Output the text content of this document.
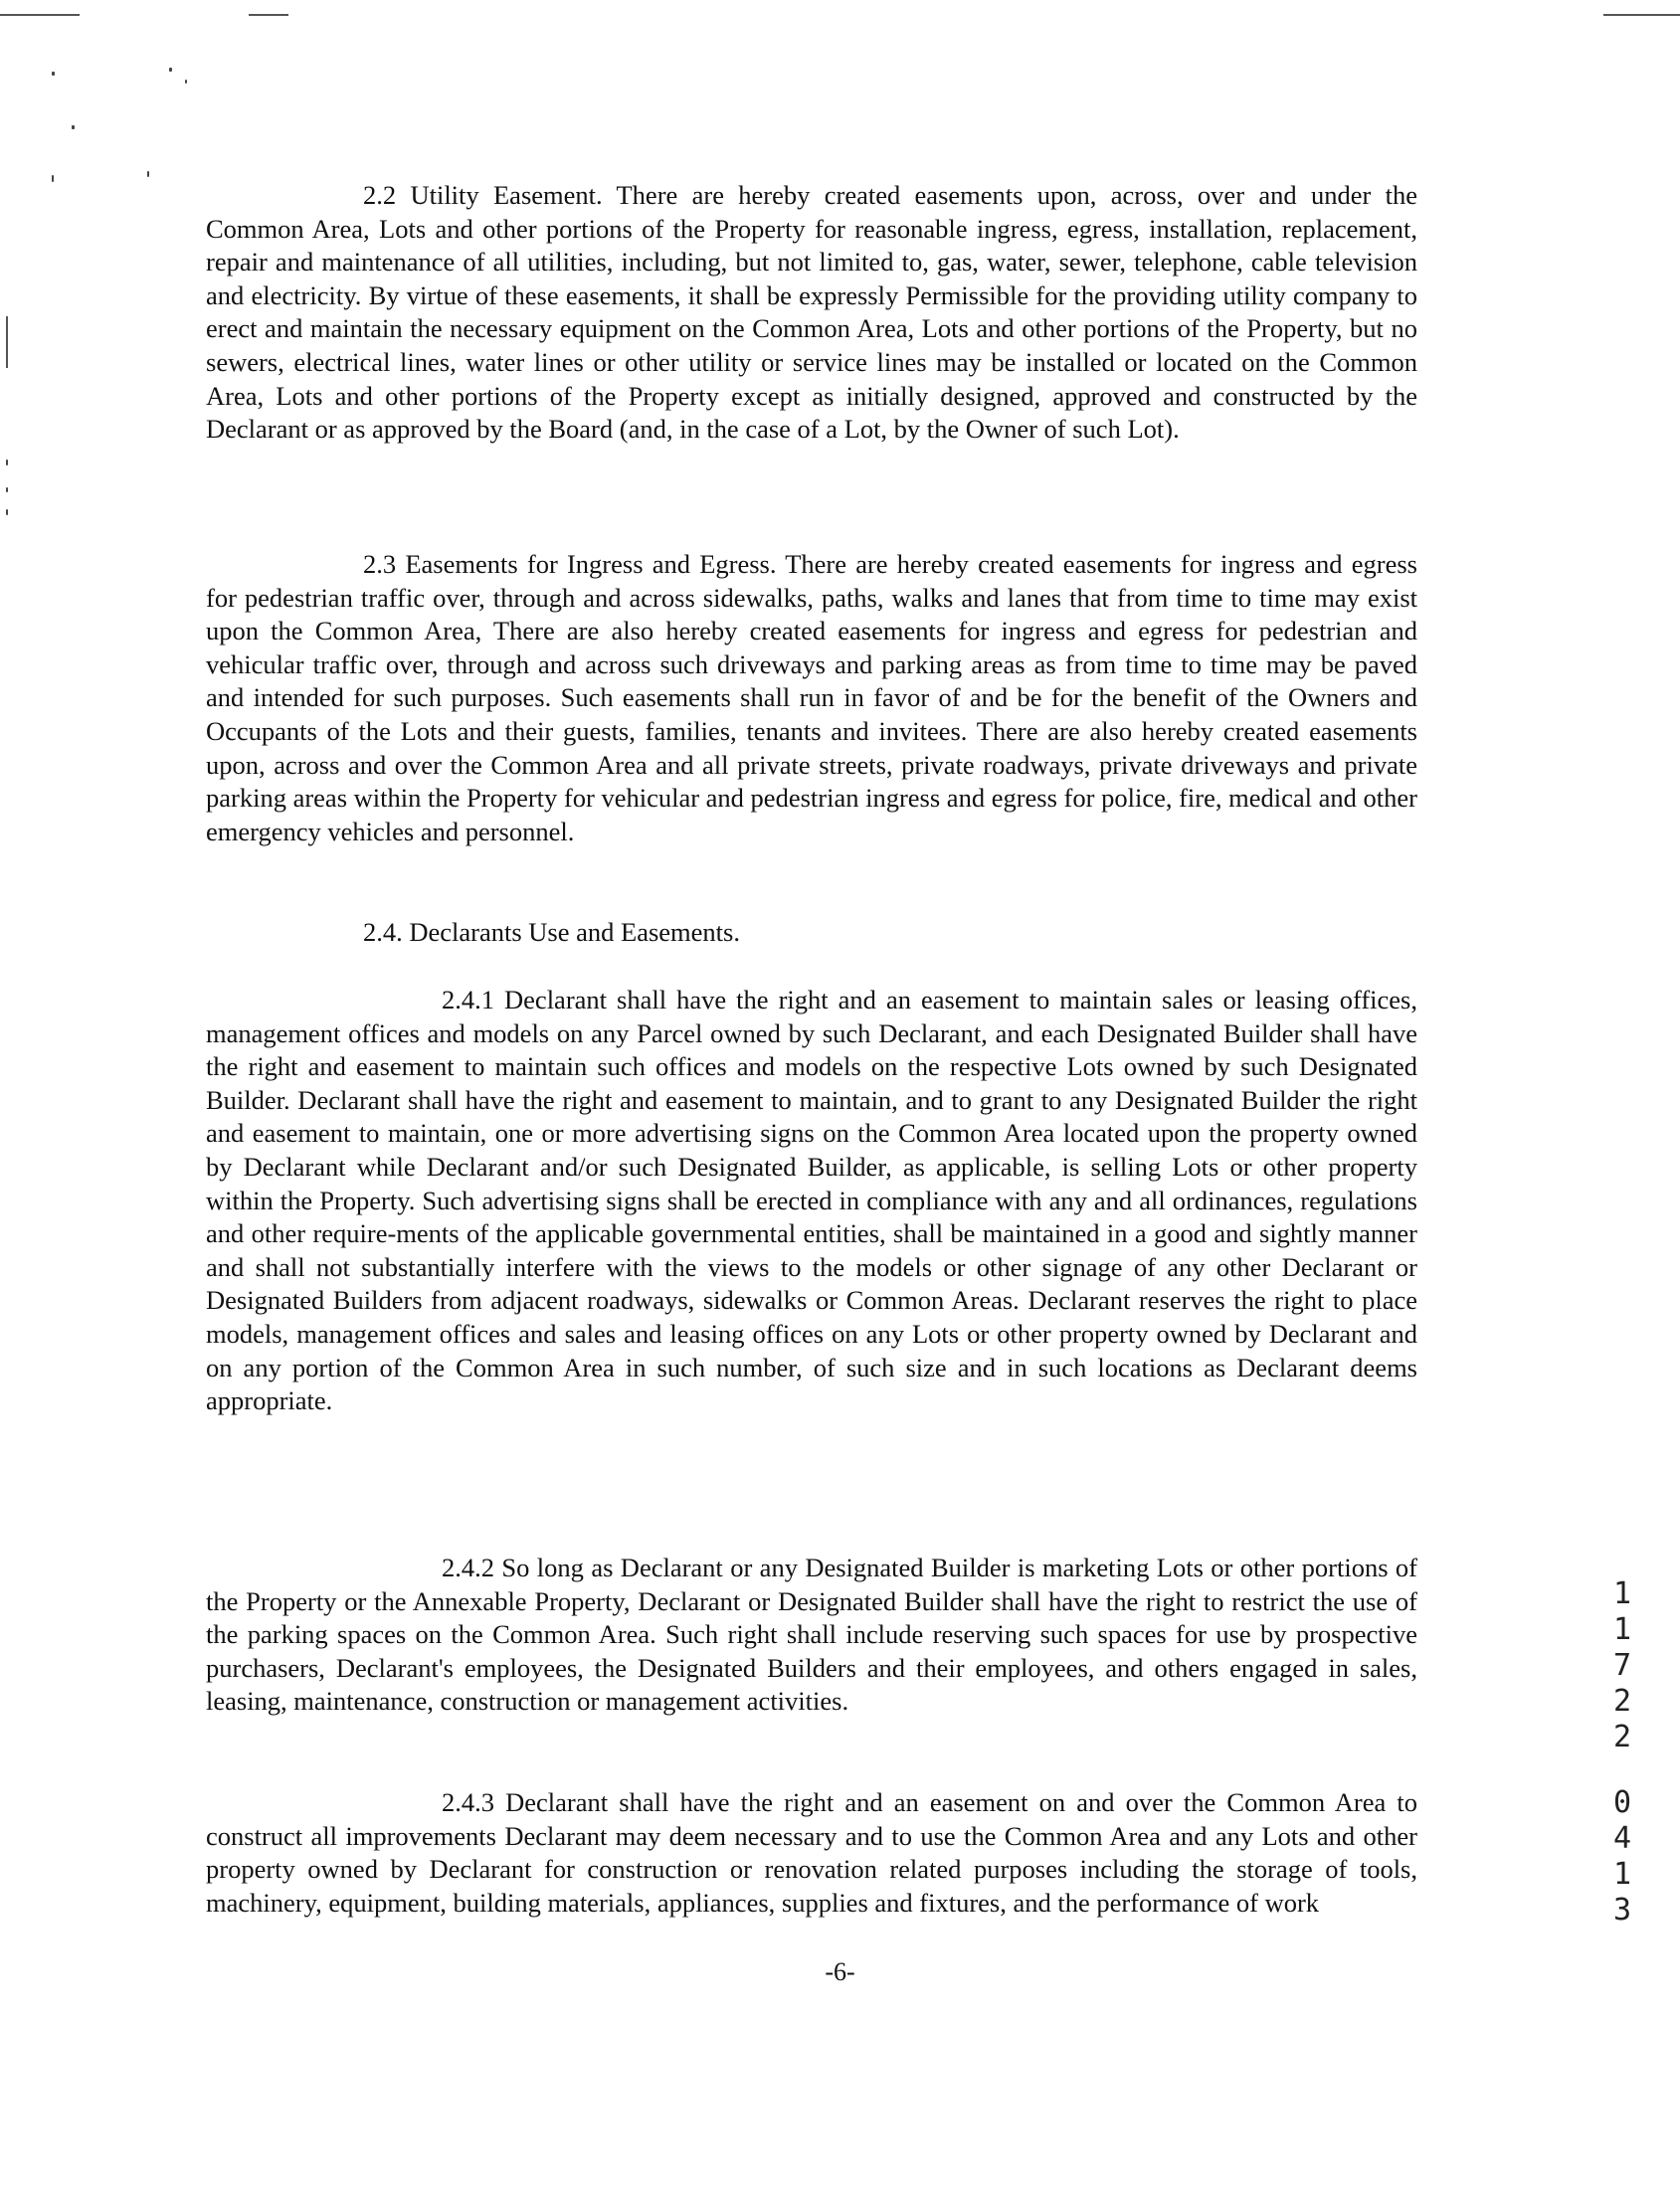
2.2 Utility Easement. There are hereby created easements upon, across, over and under the Common Area, Lots and other portions of the Property for reasonable ingress, egress, installation, replacement, repair and maintenance of all utilities, including, but not limited to, gas, water, sewer, telephone, cable television and electricity. By virtue of these easements, it shall be expressly Permissible for the providing utility company to erect and maintain the necessary equipment on the Common Area, Lots and other portions of the Property, but no sewers, electrical lines, water lines or other utility or service lines may be installed or located on the Common Area, Lots and other portions of the Property except as initially designed, approved and constructed by the Declarant or as approved by the Board (and, in the case of a Lot, by the Owner of such Lot).

2.3 Easements for Ingress and Egress. There are hereby created easements for ingress and egress for pedestrian traffic over, through and across sidewalks, paths, walks and lanes that from time to time may exist upon the Common Area, There are also hereby created easements for ingress and egress for pedestrian and vehicular traffic over, through and across such driveways and parking areas as from time to time may be paved and intended for such purposes. Such easements shall run in favor of and be for the benefit of the Owners and Occupants of the Lots and their guests, families, tenants and invitees. There are also hereby created easements upon, across and over the Common Area and all private streets, private roadways, private driveways and private parking areas within the Property for vehicular and pedestrian ingress and egress for police, fire, medical and other emergency vehicles and personnel.

2.4. Declarants Use and Easements.

2.4.1 Declarant shall have the right and an easement to maintain sales or leasing offices, management offices and models on any Parcel owned by such Declarant, and each Designated Builder shall have the right and easement to maintain such offices and models on the respective Lots owned by such Designated Builder. Declarant shall have the right and easement to maintain, and to grant to any Designated Builder the right and easement to maintain, one or more advertising signs on the Common Area located upon the property owned by Declarant while Declarant and/or such Designated Builder, as applicable, is selling Lots or other property within the Property. Such advertising signs shall be erected in compliance with any and all ordinances, regulations and other require-ments of the applicable governmental entities, shall be maintained in a good and sightly manner and shall not substantially interfere with the views to the models or other signage of any other Declarant or Designated Builders from adjacent roadways, sidewalks or Common Areas. Declarant reserves the right to place models, management offices and sales and leasing offices on any Lots or other property owned by Declarant and on any portion of the Common Area in such number, of such size and in such locations as Declarant deems appropriate.

2.4.2 So long as Declarant or any Designated Builder is marketing Lots or other portions of the Property or the Annexable Property, Declarant or Designated Builder shall have the right to restrict the use of the parking spaces on the Common Area. Such right shall include reserving such spaces for use by prospective purchasers, Declarant's employees, the Designated Builders and their employees, and others engaged in sales, leasing, maintenance, construction or management activities.

2.4.3 Declarant shall have the right and an easement on and over the Common Area to construct all improvements Declarant may deem necessary and to use the Common Area and any Lots and other property owned by Declarant for construction or renovation related purposes including the storage of tools, machinery, equipment, building materials, appliances, supplies and fixtures, and the performance of work

-6-
1
1
7
2
2
0
4
1
3
